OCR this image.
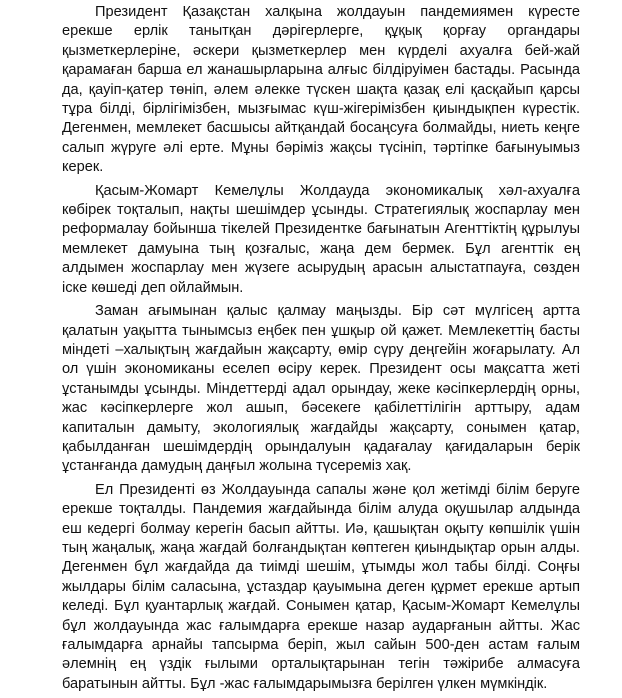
Президент Қазақстан халқына жолдауын пандемиямен күресте ерекше ерлік танытқан дәрігерлерге, құқық қорғау органдары қызметкерлеріне, әскери қызметкерлер мен күрделі ахуалға бей-жай қарамаған барша ел жанашырларына алғыс білдіруімен бастады. Расында да, қауіп-қатер төніп, әлем әлекке түскен шақта қазақ елі қасқайып қарсы тұра білді, бірлігімізбен, мызғымас күш-жігерімізбен қиындықпен күрестік. Дегенмен, мемлекет басшысы айтқандай босаңсуға болмайды, ниеть кеңге салып жүруге әлі ерте. Мұны бәріміз жақсы түсініп, тәртіпке бағынуымыз керек.

Қасым-Жомарт Кемелұлы Жолдауда экономикалық хәл-ахуалға көбірек тоқталып, нақты шешімдер ұсынды. Стратегиялық жоспарлау мен реформалау бойынша тікелей Президентке бағынатын Агенттіктің құрылуы мемлекет дамуына тың қозғалыс, жаңа дем бермек. Бұл агенттік ең алдымен жоспарлау мен жүзеге асырудың арасын алыстатпауға, сөзден іске көшеді деп ойлаймын.

Заман ағымынан қалыс қалмау маңызды. Бір сәт мүлгісең артта қалатын уақытта тынымсыз еңбек пен ұшқыр ой қажет. Мемлекеттің басты міндеті –халықтың жағдайын жақсарту, өмір сүру деңгейін жоғарылату. Ал ол үшін экономиканы еселеп өсіру керек. Президент осы мақсатта жеті ұстанымды ұсынды. Міндеттерді адал орындау, жеке кәсіпкерлердің орны, жас кәсіпкерлерге жол ашып, бәсекеге қабілеттілігін арттыру, адам капиталын дамыту, экологиялық жағдайды жақсарту, сонымен қатар, қабылданған шешімдердің орындалуын қадағалау қағидаларын берік ұстанғанда дамудың даңғыл жолына түсереміз хақ.

Ел Президенті өз Жолдауында сапалы және қол жетімді білім беруге ерекше тоқталды. Пандемия жағдайында білім алуда оқушылар алдында еш кедергі болмау керегін басып айтты. Иә, қашықтан оқыту көпшілік үшін тың жаңалық, жаңа жағдай болғандықтан көптеген қиындықтар орын алды. Дегенмен бұл жағдайда да тиімді шешім, ұтымды жол табы білді. Соңғы жылдары білім саласына, ұстаздар қауымына деген құрмет ерекше артып келеді. Бұл қуантарлық жағдай. Сонымен қатар, Қасым-Жомарт Кемелұлы бұл жолдауында жас ғалымдарға ерекше назар аударғанын айтты. Жас ғалымдарға арнайы тапсырма беріп, жыл сайын 500-ден астам ғалым әлемнің ең үздік ғылыми орталықтарынан тегін тәжірибе алмасуға баратынын айтты. Бұл -жас ғалымдарымызға берілген үлкен мүмкіндік.
